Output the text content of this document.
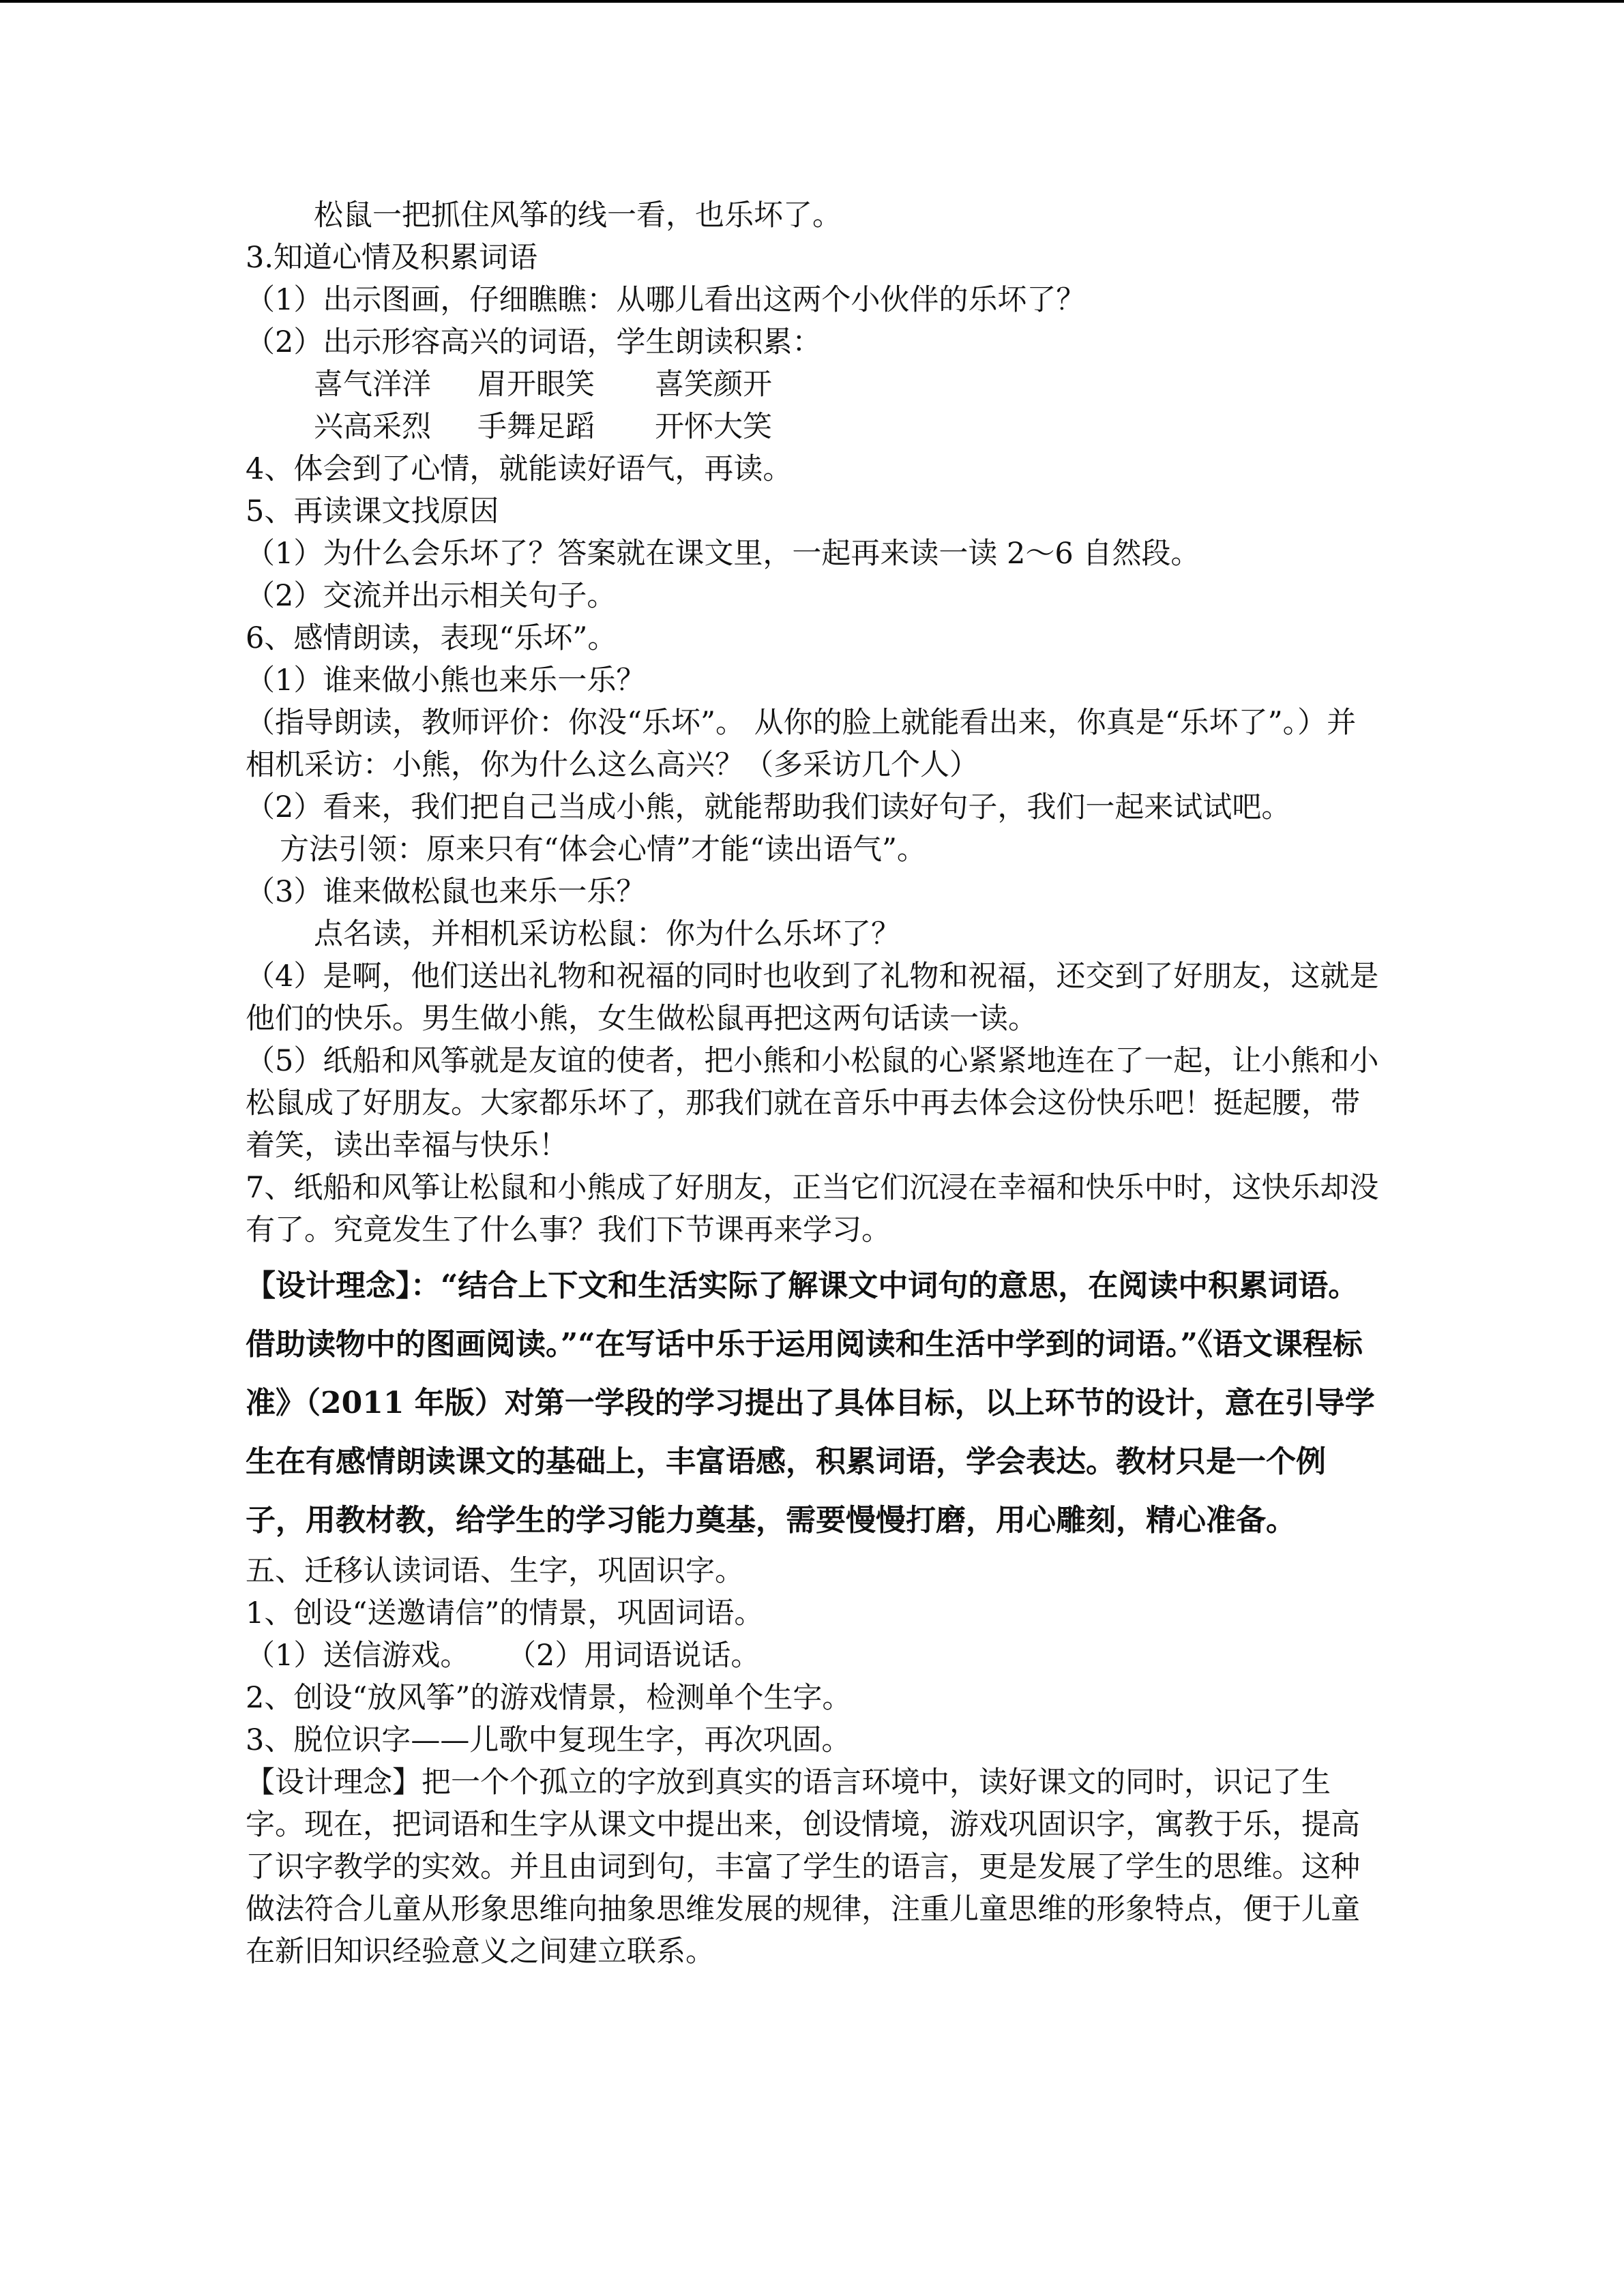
松鼠一把抓住风筝的线一看，也乐坏了。
3.知道心情及积累词语
（1）出示图画，仔细瞧瞧：从哪儿看出这两个小伙伴的乐坏了？
（2）出示形容高兴的词语，学生朗读积累：
喜气洋洋 眉开眼笑 喜笑颜开
兴高采烈 手舞足蹈 开怀大笑
4、体会到了心情，就能读好语气，再读。
5、再读课文找原因
（1）为什么会乐坏了？答案就在课文里，一起再来读一读 2～6 自然段。
（2）交流并出示相关句子。
6、感情朗读，表现“乐坏”。
（1）谁来做小熊也来乐一乐？
（指导朗读，教师评价：你没“乐坏”。 从你的脸上就能看出来，你真是“乐坏了”。）并相机采访：小熊，你为什么这么高兴？（多采访几个人）
（2）看来，我们把自己当成小熊，就能帮助我们读好句子，我们一起来试试吧。
方法引领：原来只有“体会心情”才能“读出语气”。
（3）谁来做松鼠也来乐一乐？
点名读，并相机采访松鼠：你为什么乐坏了？
（4）是啊，他们送出礼物和祝福的同时也收到了礼物和祝福，还交到了好朋友，这就是他们的快乐。男生做小熊，女生做松鼠再把这两句话读一读。
（5）纸船和风筝就是友谊的使者，把小熊和小松鼠的心紧紧地连在了一起，让小熊和小松鼠成了好朋友。大家都乐坏了，那我们就在音乐中再去体会这份快乐吧！挺起腰，带着笑，读出幸福与快乐！
7、纸船和风筝让松鼠和小熊成了好朋友，正当它们沉浸在幸福和快乐中时，这快乐却没有了。究竟发生了什么事？我们下节课再来学习。
【设计理念】：“结合上下文和生活实际了解课文中词句的意思，在阅读中积累词语。借助读物中的图画阅读。”“在写话中乐于运用阅读和生活中学到的词语。”《语文课程标准》（2011 年版）对第一学段的学习提出了具体目标，以上环节的设计，意在引导学生在有感情朗读课文的基础上，丰富语感，积累词语，学会表达。教材只是一个例子，用教材教，给学生的学习能力奠基，需要慢慢打磨，用心雕刻，精心准备。
五、迁移认读词语、生字，巩固识字。
1、创设“送邀请信”的情景，巩固词语。
（1）送信游戏。    （2）用词语说话。
2、创设“放风筝”的游戏情景，检测单个生字。
3、脱位识字——儿歌中复现生字，再次巩固。
【设计理念】把一个个孤立的字放到真实的语言环境中，读好课文的同时，识记了生字。现在，把词语和生字从课文中提出来，创设情境，游戏巩固识字，寓教于乐，提高了识字教学的实效。并且由词到句，丰富了学生的语言，更是发展了学生的思维。这种做法符合儿童从形象思维向抽象思维发展的规律，注重儿童思维的形象特点，便于儿童在新旧知识经验意义之间建立联系。
